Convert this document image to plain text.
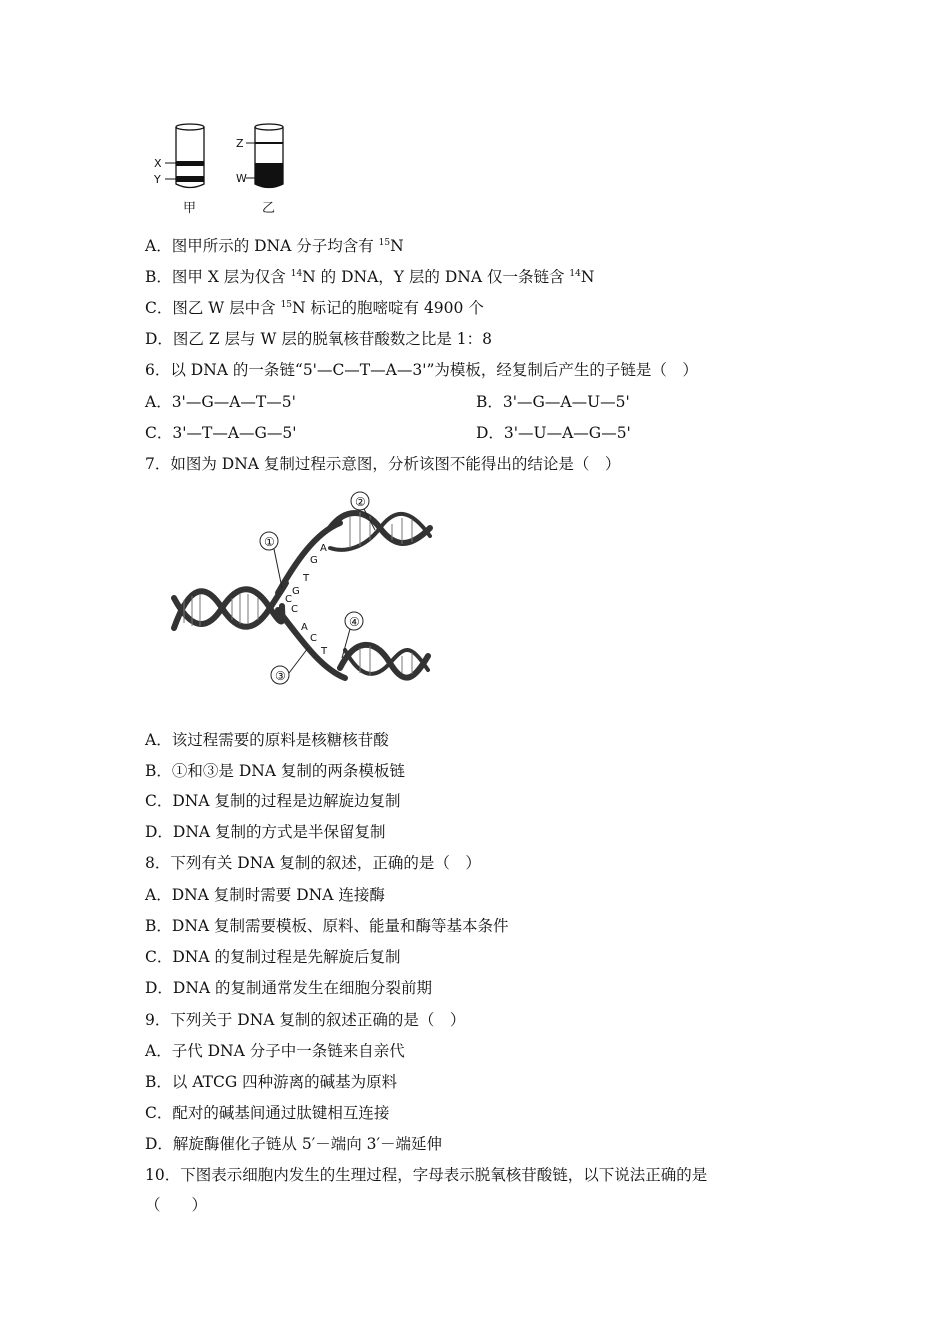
X
Y
甲
Z
W
乙
A．图甲所示的 DNA 分子均含有 $^{15}$N
B．图甲 X 层为仅含 $^{14}$N 的 DNA，Y 层的 DNA 仅一条链含 $^{14}$N
C．图乙 W 层中含 $^{15}$N 标记的胞嘧啶有 4900 个
D．图乙 Z 层与 W 层的脱氧核苷酸数之比是 1：8
6．以 DNA 的一条链“5'—C—T—A—3'”为模板，经复制后产生的子链是（　）
A．3'—G—A—T—5'	B．3'—G—A—U—5'
C．3'—T—A—G—5'	D．3'—U—A—G—5'
7．如图为 DNA 复制过程示意图，分析该图不能得出的结论是（　）
①
②
④
③
A
G
T
G
C
C
A
C
T
A．该过程需要的原料是核糖核苷酸
B．①和③是 DNA 复制的两条模板链
C．DNA 复制的过程是边解旋边复制
D．DNA 复制的方式是半保留复制
8．下列有关 DNA 复制的叙述，正确的是（　）
A．DNA 复制时需要 DNA 连接酶
B．DNA 复制需要模板、原料、能量和酶等基本条件
C．DNA 的复制过程是先解旋后复制
D．DNA 的复制通常发生在细胞分裂前期
9．下列关于 DNA 复制的叙述正确的是（　）
A．子代 DNA 分子中一条链来自亲代
B．以 ATCG 四种游离的碱基为原料
C．配对的碱基间通过肽键相互连接
D．解旋酶催化子链从 5′－端向 3′－端延伸
10．下图表示细胞内发生的生理过程，字母表示脱氧核苷酸链，以下说法正确的是
（　　）
